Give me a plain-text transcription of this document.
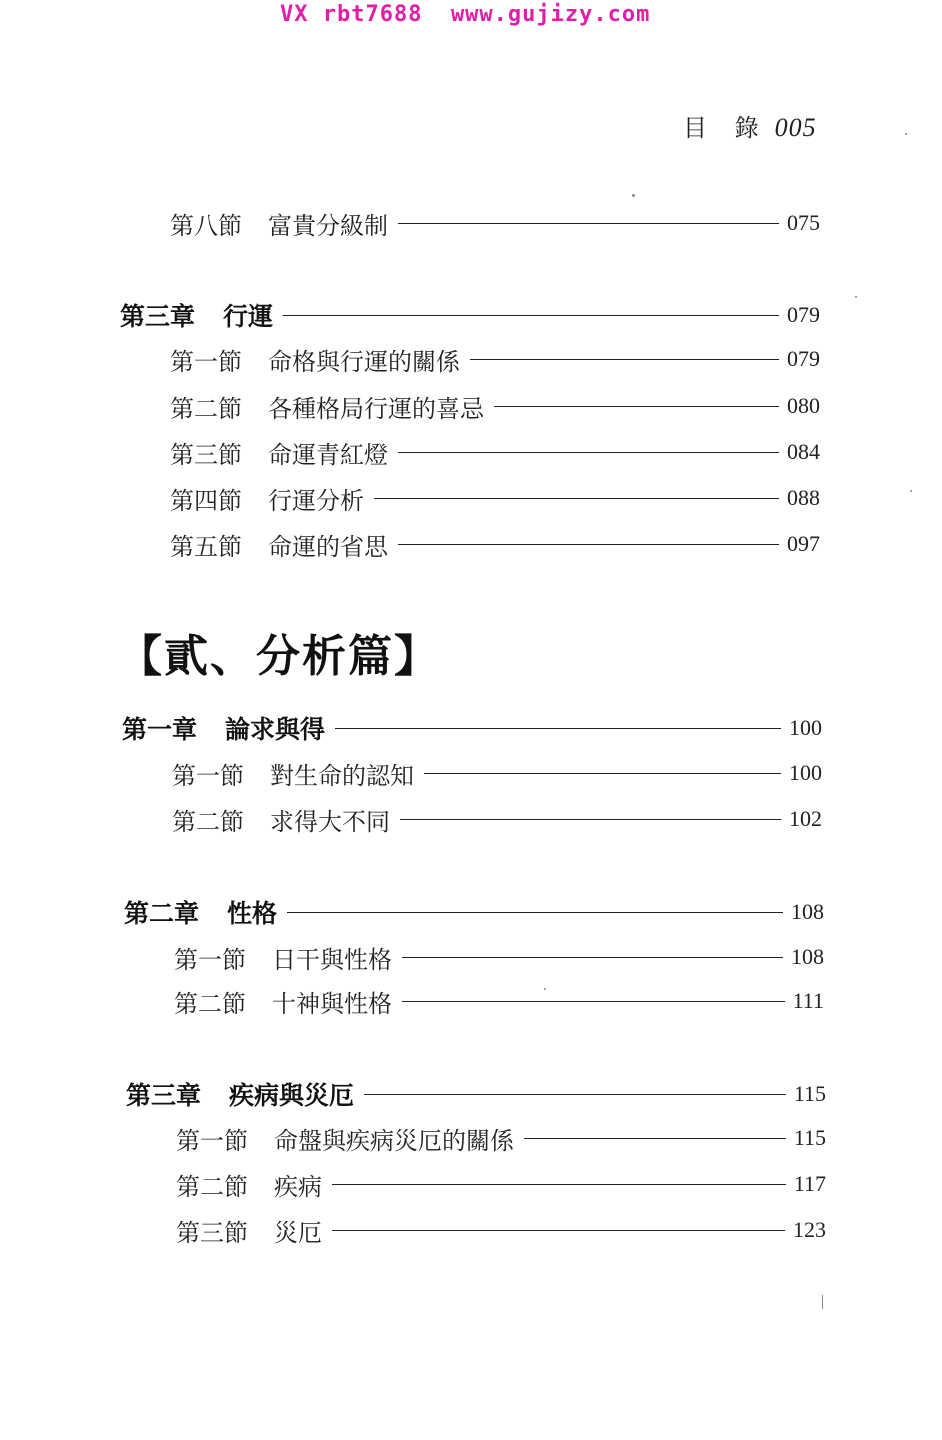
VX rbt7688  www.gujizy.com
目 錄 005
【貳、分析篇】
第八節 富貴分級制	075
第三章 行運	079
第一節 命格與行運的關係	079
第二節 各種格局行運的喜忌	080
第三節 命運青紅燈	084
第四節 行運分析	088
第五節 命運的省思	097
第一章 論求與得	100
第一節 對生命的認知	100
第二節 求得大不同	102
第二章 性格	108
第一節 日干與性格	108
第二節 十神與性格	111
第三章 疾病與災厄	115
第一節 命盤與疾病災厄的關係	115
第二節 疾病	117
第三節 災厄	123
